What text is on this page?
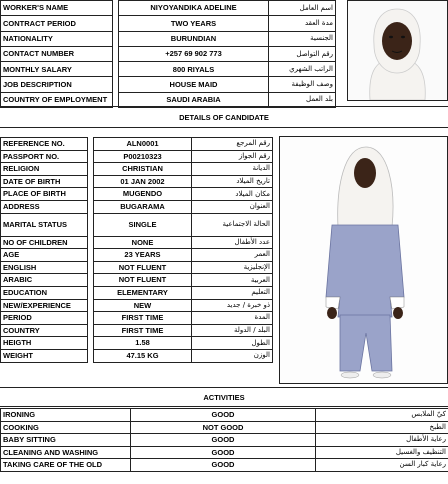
WORKER'S NAME		NIYOYANDIKA ADELINE	اسم العامل
CONTRACT PERIOD		TWO YEARS	مدة العقد
NATIONALITY		BURUNDIAN	الجنسية
CONTACT NUMBER		+257 69 902 773	رقم التواصل
MONTHLY SALARY		800 RIYALS	الراتب الشهري
JOB DESCRIPTION		HOUSE MAID	وصف الوظيفة
COUNTRY OF EMPLOYMENT		SAUDI ARABIA	بلد العمل
DETAILS OF CANDIDATE
REFERENCE NO.		ALN0001	رقم المرجع
PASSPORT NO.		P00210323	رقم الجواز
RELIGION		CHRISTIAN	الديانة
DATE OF BIRTH		01 JAN 2002	تاريخ الميلاد
PLACE OF BIRTH		MUGENDO	مكان الميلاد
ADDRESS		BUGARAMA	العنوان
MARITAL STATUS		SINGLE	الحالة الاجتماعية
NO OF CHILDREN		NONE	عدد الأطفال
AGE		23 YEARS	العمر
ENGLISH		NOT FLUENT	الإنجليزية
ARABIC		NOT FLUENT	العربية
EDUCATION		ELEMENTARY	التعليم
NEW/EXPERIENCE		NEW	ذو خبرة / جديد
PERIOD		FIRST TIME	المدة
COUNTRY		FIRST TIME	البلد / الدولة
HEIGTH		1.58	الطول
WEIGHT		47.15 KG	الوزن
ACTIVITIES
IRONING	GOOD	كيّ الملابس
COOKING	NOT GOOD	الطبخ
BABY SITTING	GOOD	رعاية الأطفال
CLEANING AND WASHING	GOOD	التنظيف والغسيل
TAKING CARE OF THE OLD	GOOD	رعاية كبار السن
